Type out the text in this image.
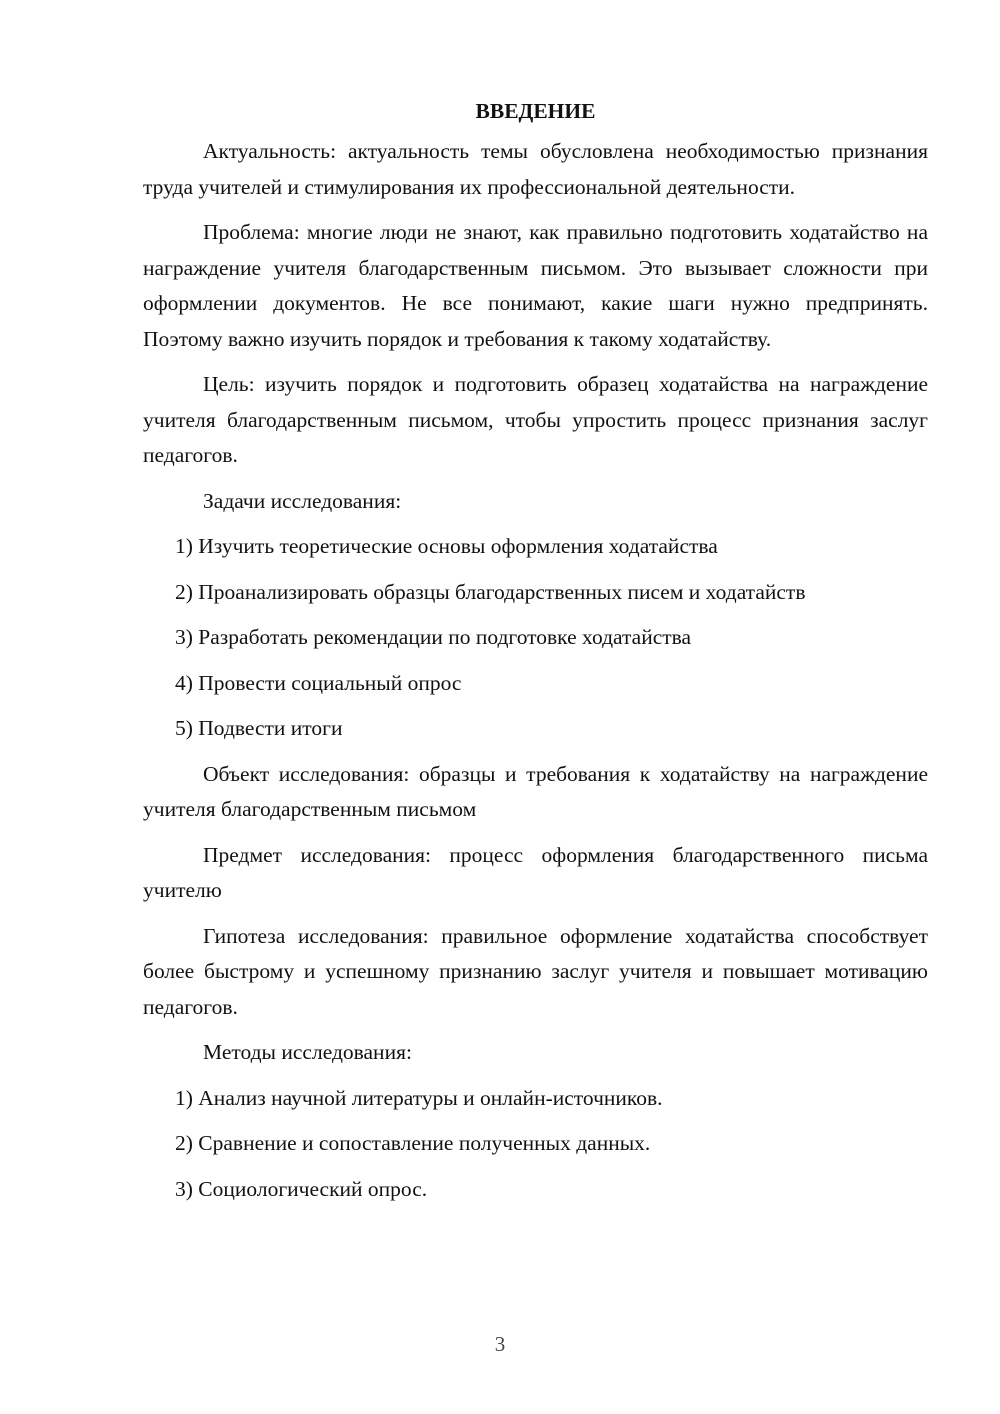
ВВЕДЕНИЕ
Актуальность: актуальность темы обусловлена необходимостью признания труда учителей и стимулирования их профессиональной деятельности.
Проблема: многие люди не знают, как правильно подготовить ходатайство на награждение учителя благодарственным письмом. Это вызывает сложности при оформлении документов. Не все понимают, какие шаги нужно предпринять. Поэтому важно изучить порядок и требования к такому ходатайству.
Цель: изучить порядок и подготовить образец ходатайства на награждение учителя благодарственным письмом, чтобы упростить процесс признания заслуг педагогов.
Задачи исследования:
1) Изучить теоретические основы оформления ходатайства
2) Проанализировать образцы благодарственных писем и ходатайств
3) Разработать рекомендации по подготовке ходатайства
4) Провести социальный опрос
5) Подвести итоги
Объект исследования: образцы и требования к ходатайству на награждение учителя благодарственным письмом
Предмет исследования: процесс оформления благодарственного письма учителю
Гипотеза исследования: правильное оформление ходатайства способствует более быстрому и успешному признанию заслуг учителя и повышает мотивацию педагогов.
Методы исследования:
1) Анализ научной литературы и онлайн-источников.
2) Сравнение и сопоставление полученных данных.
3) Социологический опрос.
3
